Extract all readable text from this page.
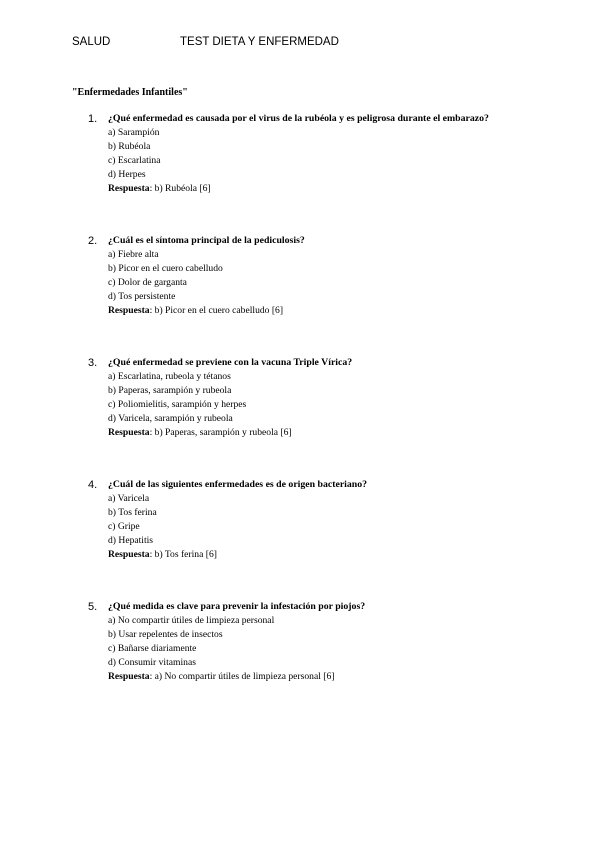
SALUD	TEST DIETA Y ENFERMEDAD
"Enfermedades Infantiles"
1. ¿Qué enfermedad es causada por el virus de la rubéola y es peligrosa durante el embarazo?
a) Sarampión
b) Rubéola
c) Escarlatina
d) Herpes
Respuesta: b) Rubéola [6]
2. ¿Cuál es el síntoma principal de la pediculosis?
a) Fiebre alta
b) Picor en el cuero cabelludo
c) Dolor de garganta
d) Tos persistente
Respuesta: b) Picor en el cuero cabelludo [6]
3. ¿Qué enfermedad se previene con la vacuna Triple Vírica?
a) Escarlatina, rubeola y tétanos
b) Paperas, sarampión y rubeola
c) Poliomielitis, sarampión y herpes
d) Varicela, sarampión y rubeola
Respuesta: b) Paperas, sarampión y rubeola [6]
4. ¿Cuál de las siguientes enfermedades es de origen bacteriano?
a) Varicela
b) Tos ferina
c) Gripe
d) Hepatitis
Respuesta: b) Tos ferina [6]
5. ¿Qué medida es clave para prevenir la infestación por piojos?
a) No compartir útiles de limpieza personal
b) Usar repelentes de insectos
c) Bañarse diariamente
d) Consumir vitaminas
Respuesta: a) No compartir útiles de limpieza personal [6]
